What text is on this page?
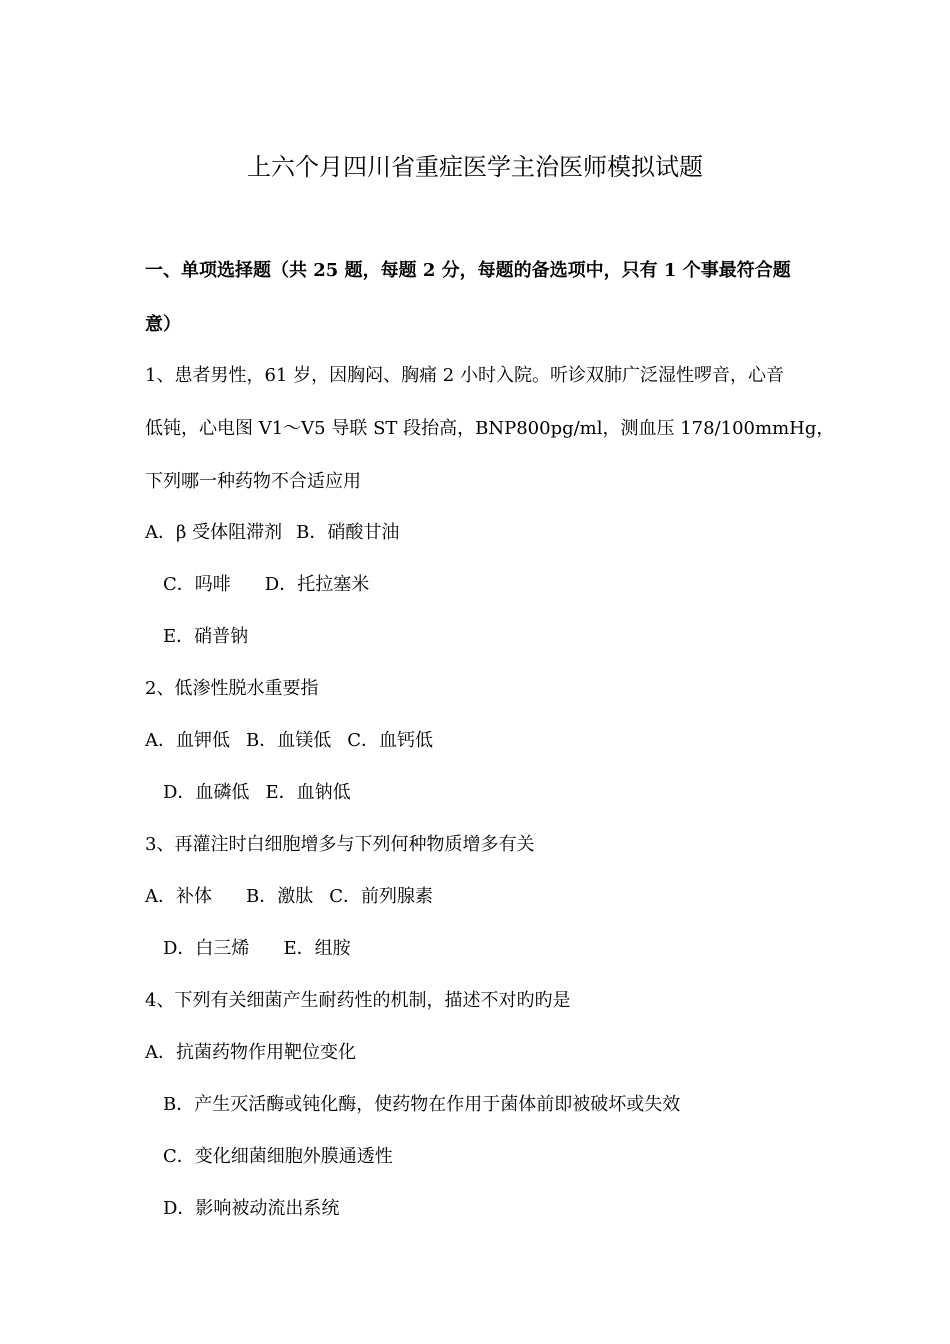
上六个月四川省重症医学主治医师模拟试题
一、单项选择题（共 25 题，每题 2 分，每题的备选项中，只有 1 个事最符合题
意）
1、患者男性，61 岁，因胸闷、胸痛 2 小时入院。听诊双肺广泛湿性啰音，心音
低钝，心电图 V1～V5 导联 ST 段抬高，BNP800pg/ml，测血压 178/100mmHg，
下列哪一种药物不合适应用
A．β 受体阻滞剂 B．硝酸甘油
C．吗啡 D．托拉塞米
E．硝普钠
2、低渗性脱水重要指
A．血钾低 B．血镁低 C．血钙低
D．血磷低 E．血钠低
3、再灌注时白细胞增多与下列何种物质增多有关
A．补体 B．激肽 C．前列腺素
D．白三烯 E．组胺
4、下列有关细菌产生耐药性的机制，描述不对旳旳是
A．抗菌药物作用靶位变化
B．产生灭活酶或钝化酶，使药物在作用于菌体前即被破坏或失效
C．变化细菌细胞外膜通透性
D．影响被动流出系统
